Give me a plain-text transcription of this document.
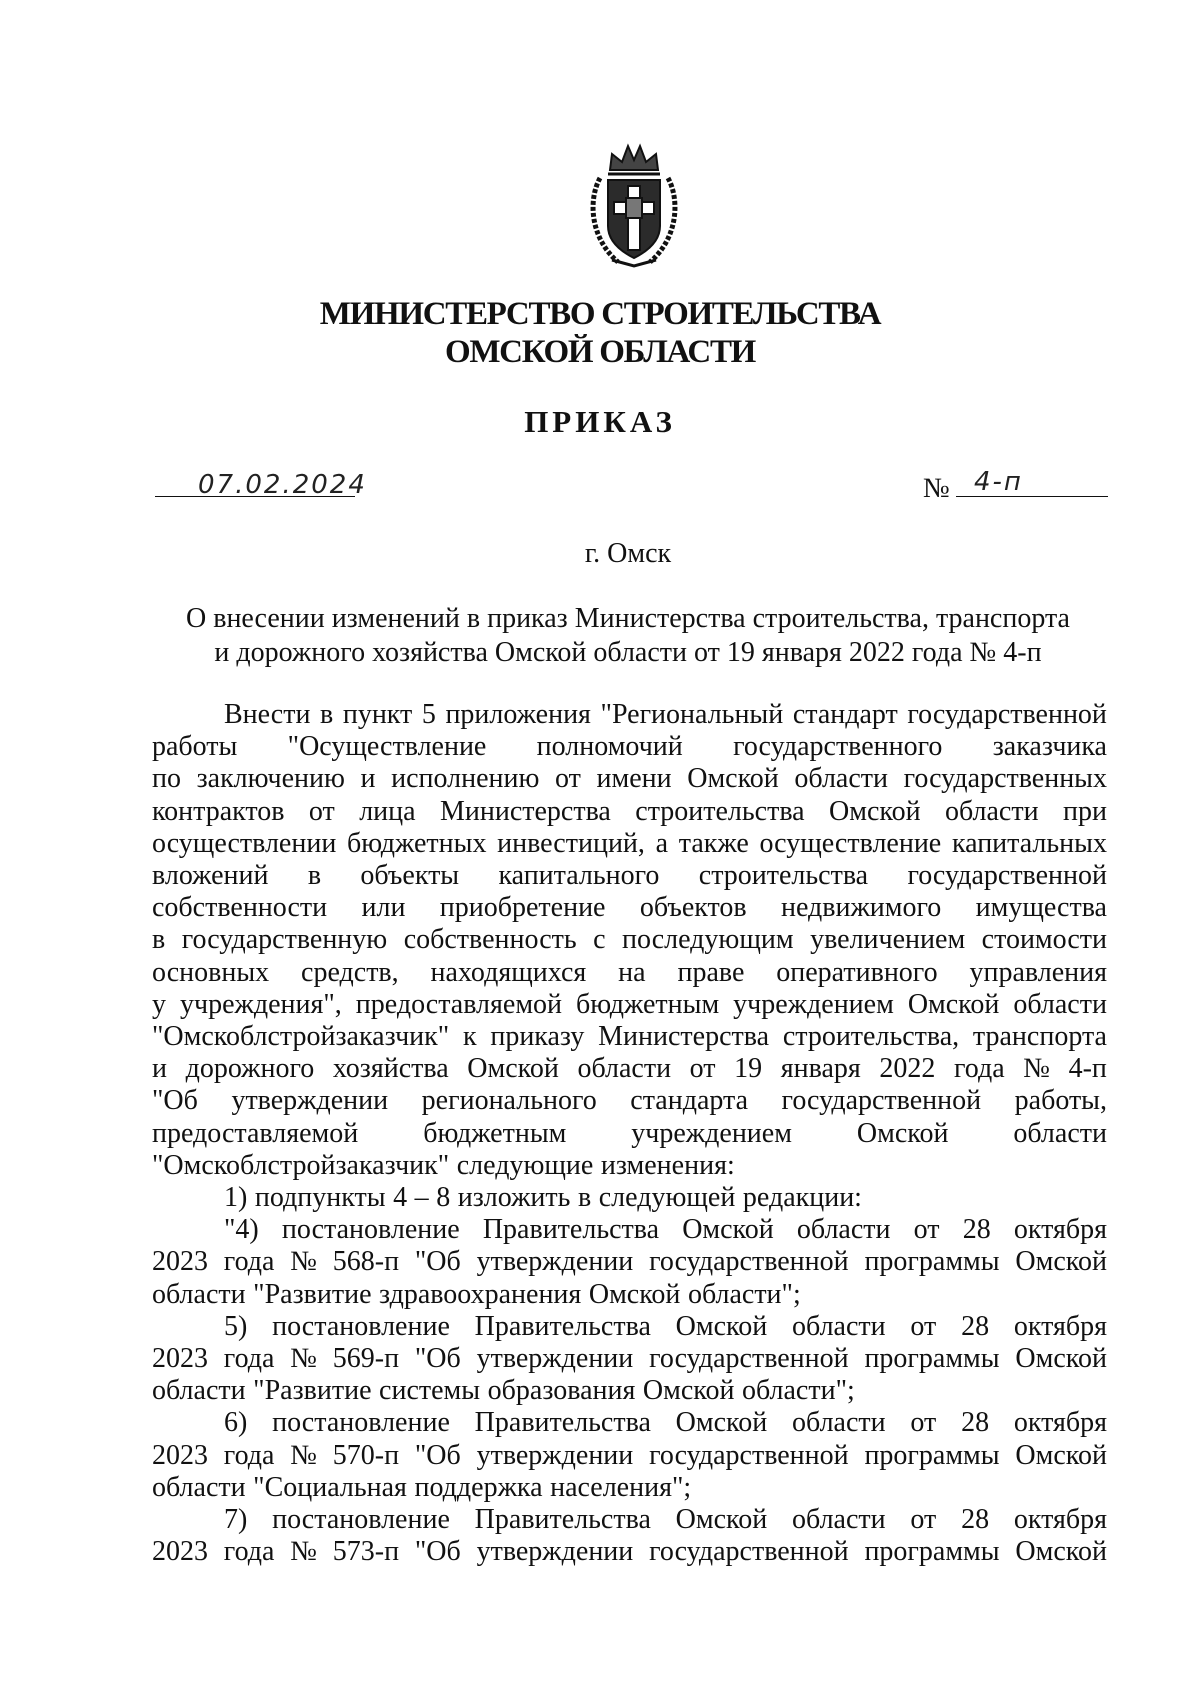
МИНИСТЕРСТВО СТРОИТЕЛЬСТВА
ОМСКОЙ ОБЛАСТИ
ПРИКАЗ
07.02.2024	№ 4-п
г. Омск
О внесении изменений в приказ Министерства строительства, транспорта
и дорожного хозяйства Омской области от 19 января 2022 года № 4-п
Внести в пункт 5 приложения "Региональный стандарт государственной
работы "Осуществление полномочий государственного заказчика
по заключению и исполнению от имени Омской области государственных
контрактов от лица Министерства строительства Омской области при
осуществлении бюджетных инвестиций, а также осуществление капитальных
вложений в объекты капитального строительства государственной
собственности или приобретение объектов недвижимого имущества
в государственную собственность с последующим увеличением стоимости
основных средств, находящихся на праве оперативного управления
у учреждения", предоставляемой бюджетным учреждением Омской области
"Омскоблстройзаказчик" к приказу Министерства строительства, транспорта
и дорожного хозяйства Омской области от 19 января 2022 года № 4-п
"Об утверждении регионального стандарта государственной работы,
предоставляемой бюджетным учреждением Омской области
"Омскоблстройзаказчик" следующие изменения:
1) подпункты 4 – 8 изложить в следующей редакции:
"4) постановление Правительства Омской области от 28 октября
2023 года № 568-п "Об утверждении государственной программы Омской
области "Развитие здравоохранения Омской области";
5) постановление Правительства Омской области от 28 октября
2023 года № 569-п "Об утверждении государственной программы Омской
области "Развитие системы образования Омской области";
6) постановление Правительства Омской области от 28 октября
2023 года № 570-п "Об утверждении государственной программы Омской
области "Социальная поддержка населения";
7) постановление Правительства Омской области от 28 октября
2023 года № 573-п "Об утверждении государственной программы Омской
